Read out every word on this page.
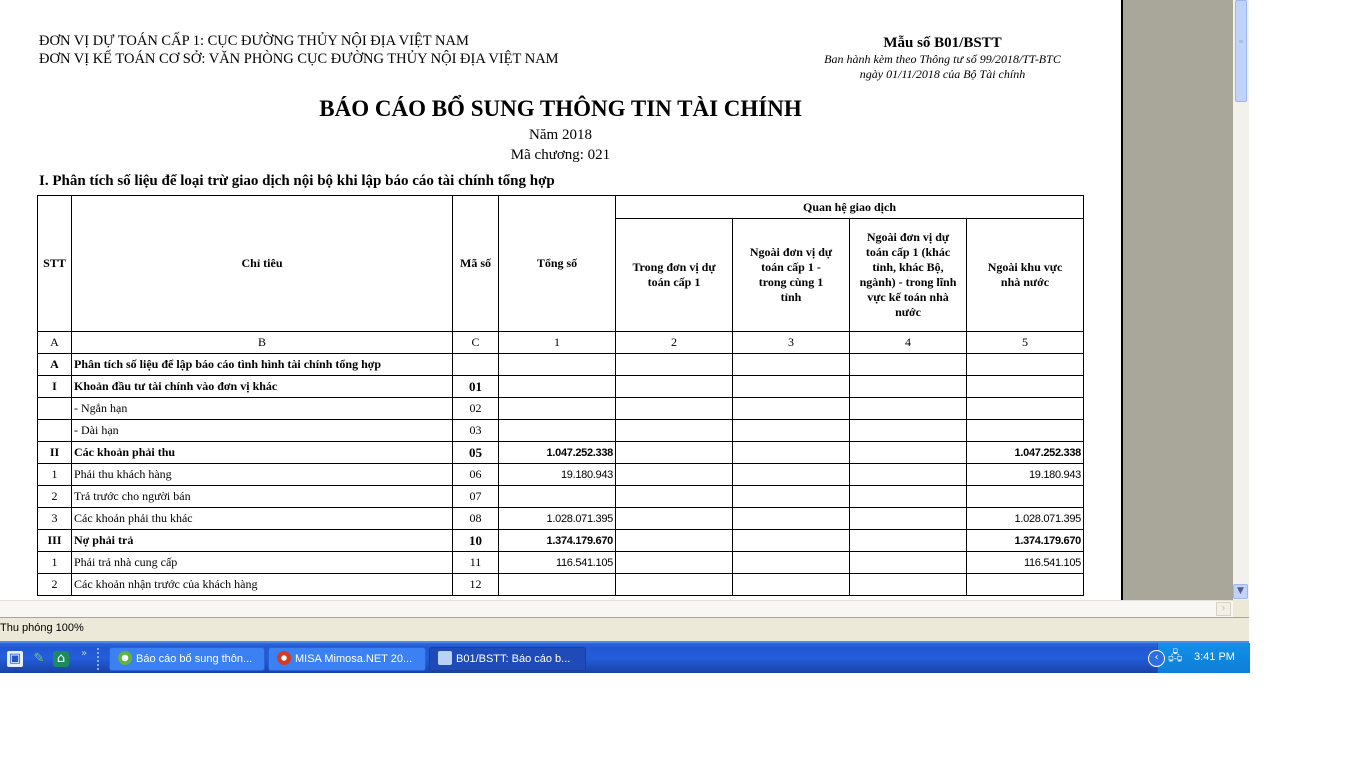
ĐƠN VỊ DỰ TOÁN CẤP 1: CỤC ĐƯỜNG THỦY NỘI ĐỊA VIỆT NAM
ĐƠN VỊ KẾ TOÁN CƠ SỞ: VĂN PHÒNG CỤC ĐƯỜNG THỦY NỘI ĐỊA VIỆT NAM
Mẫu số B01/BSTT
Ban hành kèm theo Thông tư số 99/2018/TT-BTC
ngày 01/11/2018 của Bộ Tài chính
BÁO CÁO BỔ SUNG THÔNG TIN TÀI CHÍNH
Năm 2018
Mã chương: 021
I. Phân tích số liệu để loại trừ giao dịch nội bộ khi lập báo cáo tài chính tổng hợp
STT	Chỉ tiêu	Mã số	Tổng số	Quan hệ giao dịch			

				Trong đơn vị dự toán cấp 1	Ngoài đơn vị dự toán cấp 1 - trong cùng 1 tỉnh	Ngoài đơn vị dự toán cấp 1 (khác tỉnh, khác Bộ, ngành) - trong lĩnh vực kế toán nhà nước	Ngoài khu vực nhà nước

A	B	C	1	2	3	4	5
A	Phân tích số liệu để lập báo cáo tình hình tài chính tổng hợp						
I	Khoản đầu tư tài chính vào đơn vị khác	01					
	- Ngắn hạn	02					
	- Dài hạn	03					
II	Các khoản phải thu	05	1.047.252.338				1.047.252.338
1	Phải thu khách hàng	06	19.180.943				19.180.943
2	Trả trước cho người bán	07					
3	Các khoản phải thu khác	08	1.028.071.395				1.028.071.395
III	Nợ phải trả	10	1.374.179.670				1.374.179.670
1	Phải trả nhà cung cấp	11	116.541.105				116.541.105
2	Các khoản nhận trước của khách hàng	12					
≡
▼
›
Thu phóng 100%
▣ ✎ ⌂	»	Báo cáo bổ sung thôn...	MISA Mimosa.NET 20...	B01/BSTT: Báo cáo b...	‹ 🖧 3:41 PM
